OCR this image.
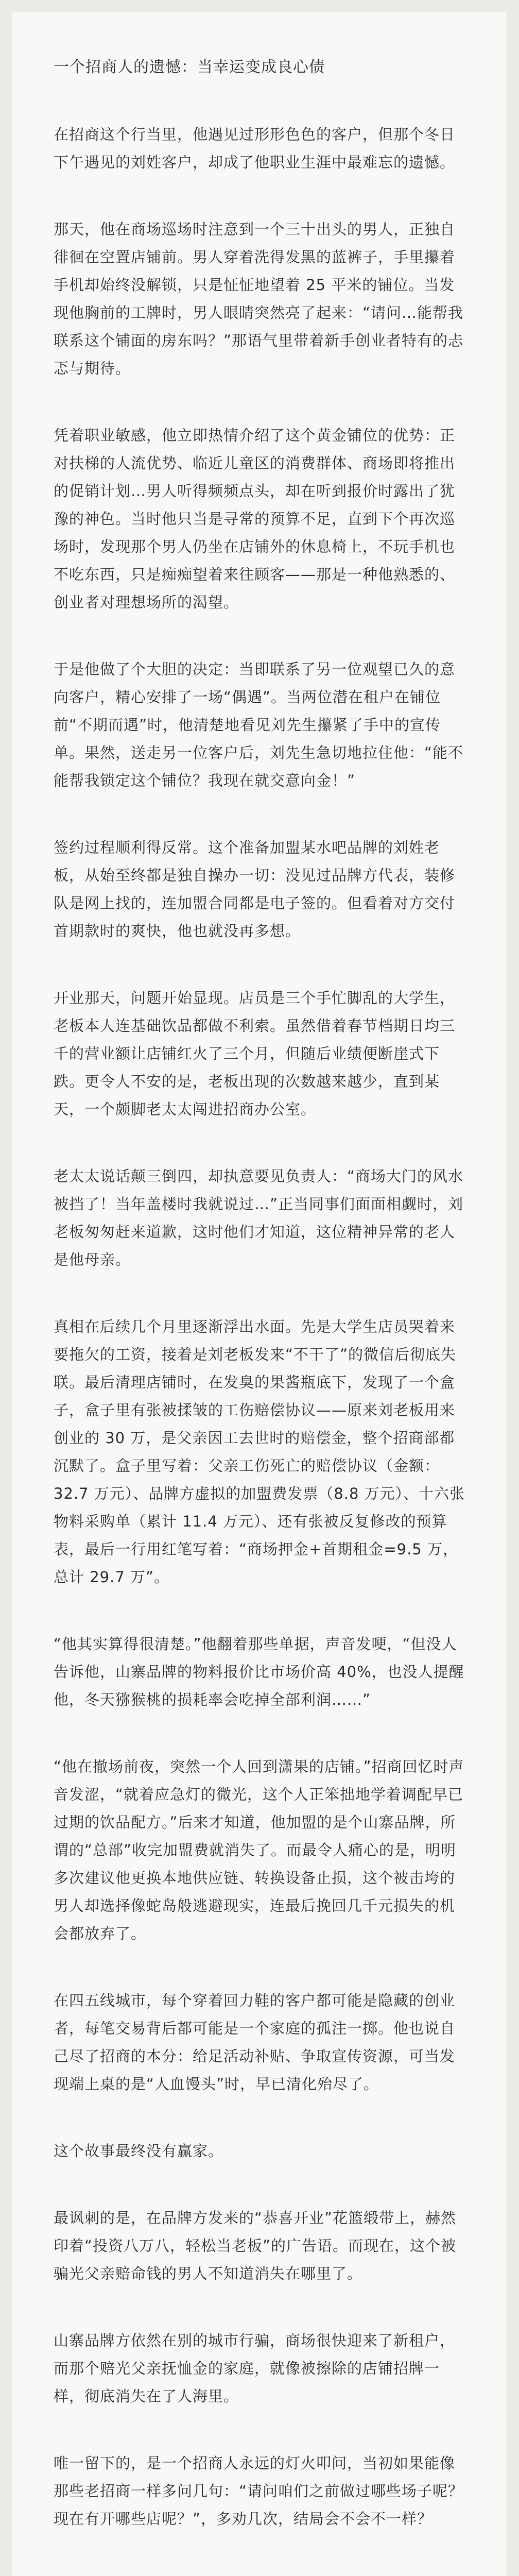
一个招商人的遗憾：当幸运变成良心债
在招商这个行当里，他遇见过形形色色的客户，但那个冬日下午遇见的刘姓客户，却成了他职业生涯中最难忘的遗憾。
那天，他在商场巡场时注意到一个三十出头的男人，正独自徘徊在空置店铺前。男人穿着洗得发黑的蓝裤子，手里攥着手机却始终没解锁，只是怔怔地望着 25 平米的铺位。当发现他胸前的工牌时，男人眼睛突然亮了起来：“请问…能帮我联系这个铺面的房东吗？”那语气里带着新手创业者特有的忐忑与期待。
凭着职业敏感，他立即热情介绍了这个黄金铺位的优势：正对扶梯的人流优势、临近儿童区的消费群体、商场即将推出的促销计划…男人听得频频点头，却在听到报价时露出了犹豫的神色。当时他只当是寻常的预算不足，直到下个再次巡场时，发现那个男人仍坐在店铺外的休息椅上，不玩手机也不吃东西，只是痴痴望着来往顾客——那是一种他熟悉的、创业者对理想场所的渴望。
于是他做了个大胆的决定：当即联系了另一位观望已久的意向客户，精心安排了一场“偶遇”。当两位潜在租户在铺位前“不期而遇”时，他清楚地看见刘先生攥紧了手中的宣传单。果然，送走另一位客户后，刘先生急切地拉住他：“能不能帮我锁定这个铺位？我现在就交意向金！”
签约过程顺利得反常。这个准备加盟某水吧品牌的刘姓老板，从始至终都是独自操办一切：没见过品牌方代表，装修队是网上找的，连加盟合同都是电子签的。但看着对方交付首期款时的爽快，他也就没再多想。
开业那天，问题开始显现。店员是三个手忙脚乱的大学生，老板本人连基础饮品都做不利索。虽然借着春节档期日均三千的营业额让店铺红火了三个月，但随后业绩便断崖式下跌。更令人不安的是，老板出现的次数越来越少，直到某天，一个颇脚老太太闯进招商办公室。
老太太说话颠三倒四，却执意要见负责人：“商场大门的风水被挡了！当年盖楼时我就说过…”正当同事们面面相觑时，刘老板匆匆赶来道歉，这时他们才知道，这位精神异常的老人是他母亲。
真相在后续几个月里逐渐浮出水面。先是大学生店员哭着来要拖欠的工资，接着是刘老板发来“不干了”的微信后彻底失联。最后清理店铺时，在发臭的果酱瓶底下，发现了一个盒子，盒子里有张被揉皱的工伤赔偿协议——原来刘老板用来创业的 30 万，是父亲因工去世时的赔偿金，整个招商部都沉默了。盒子里写着：父亲工伤死亡的赔偿协议（金额：32.7 万元）、品牌方虚拟的加盟费发票（8.8 万元）、十六张物料采购单（累计 11.4 万元）、还有张被反复修改的预算表，最后一行用红笔写着：“商场押金+首期租金=9.5 万，总计 29.7 万”。
“他其实算得很清楚。”他翻着那些单据，声音发哽，“但没人告诉他，山寨品牌的物料报价比市场价高 40%，也没人提醒他，冬天猕猴桃的损耗率会吃掉全部利润……”
“他在撤场前夜，突然一个人回到潇果的店铺。”招商回忆时声音发涩，“就着应急灯的微光，这个人正笨拙地学着调配早已过期的饮品配方。”后来才知道，他加盟的是个山寨品牌，所谓的“总部”收完加盟费就消失了。而最令人痛心的是，明明多次建议他更换本地供应链、转换设备止损，这个被击垮的男人却选择像蛇岛般逃避现实，连最后挽回几千元损失的机会都放弃了。
在四五线城市，每个穿着回力鞋的客户都可能是隐藏的创业者，每笔交易背后都可能是一个家庭的孤注一掷。他也说自己尽了招商的本分：给足活动补贴、争取宣传资源，可当发现端上桌的是“人血馒头”时，早已清化殆尽了。
这个故事最终没有赢家。
最讽刺的是，在品牌方发来的“恭喜开业”花篮缎带上，赫然印着“投资八万八，轻松当老板”的广告语。而现在，这个被骗光父亲赔命钱的男人不知道消失在哪里了。
山寨品牌方依然在别的城市行骗，商场很快迎来了新租户，而那个赔光父亲抚恤金的家庭，就像被擦除的店铺招牌一样，彻底消失在了人海里。
唯一留下的，是一个招商人永远的灯火叩问，当初如果能像那些老招商一样多问几句：“请问咱们之前做过哪些场子呢？现在有开哪些店呢？”，多劝几次，结局会不会不一样？
